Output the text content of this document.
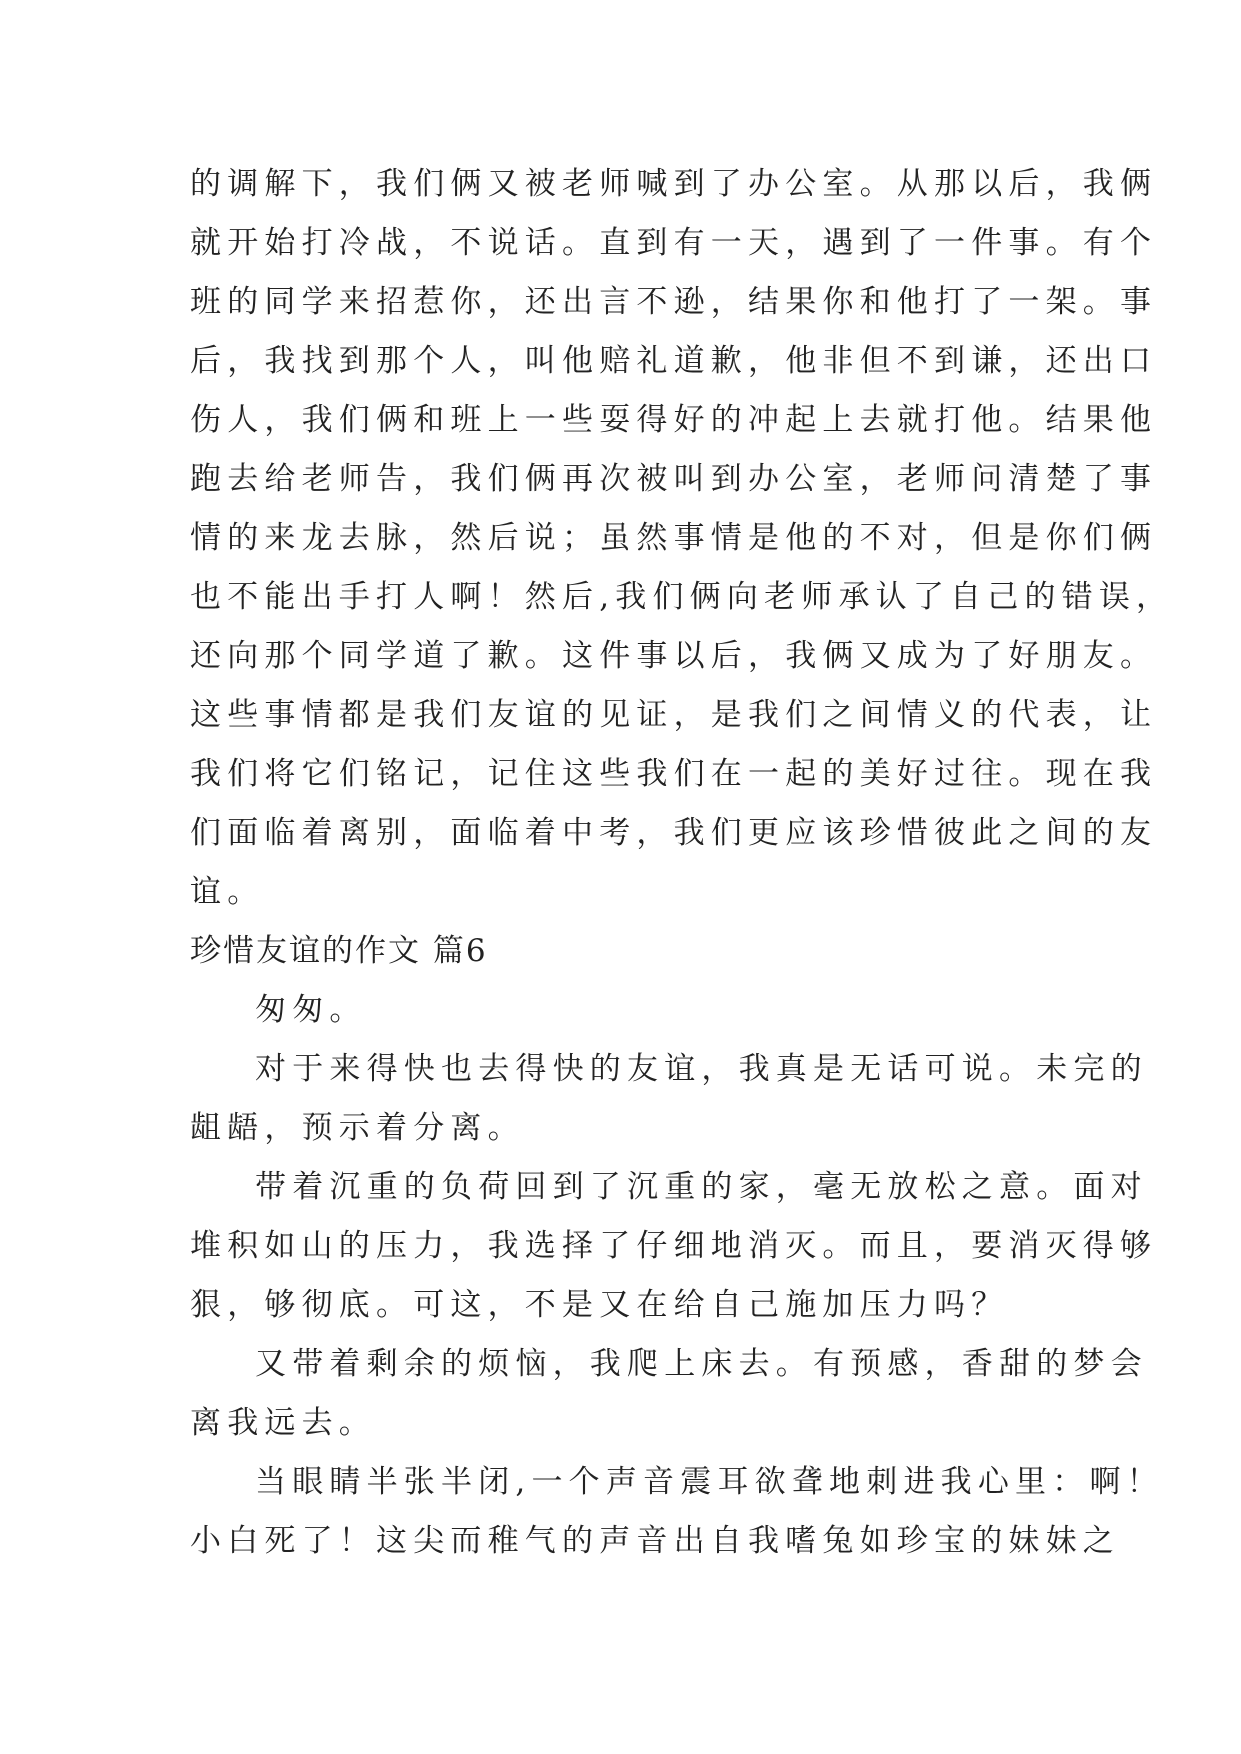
的调解下，我们俩又被老师喊到了办公室。从那以后，我俩
就开始打冷战，不说话。直到有一天，遇到了一件事。有个
班的同学来招惹你，还出言不逊，结果你和他打了一架。事
后，我找到那个人，叫他赔礼道歉，他非但不到谦，还出口
伤人，我们俩和班上一些耍得好的冲起上去就打他。结果他
跑去给老师告，我们俩再次被叫到办公室，老师问清楚了事
情的来龙去脉，然后说；虽然事情是他的不对，但是你们俩
也不能出手打人啊！然后,我们俩向老师承认了自己的错误，
还向那个同学道了歉。这件事以后，我俩又成为了好朋友。
这些事情都是我们友谊的见证，是我们之间情义的代表，让
我们将它们铭记，记住这些我们在一起的美好过往。现在我
们面临着离别，面临着中考，我们更应该珍惜彼此之间的友
谊。
珍惜友谊的作文 篇6
匆匆。
对于来得快也去得快的友谊，我真是无话可说。未完的
龃龉，预示着分离。
带着沉重的负荷回到了沉重的家，毫无放松之意。面对
堆积如山的压力，我选择了仔细地消灭。而且，要消灭得够
狠，够彻底。可这，不是又在给自己施加压力吗？
又带着剩余的烦恼，我爬上床去。有预感，香甜的梦会
离我远去。
当眼睛半张半闭,一个声音震耳欲聋地刺进我心里：啊！
小白死了！这尖而稚气的声音出自我嗜兔如珍宝的妹妹之
